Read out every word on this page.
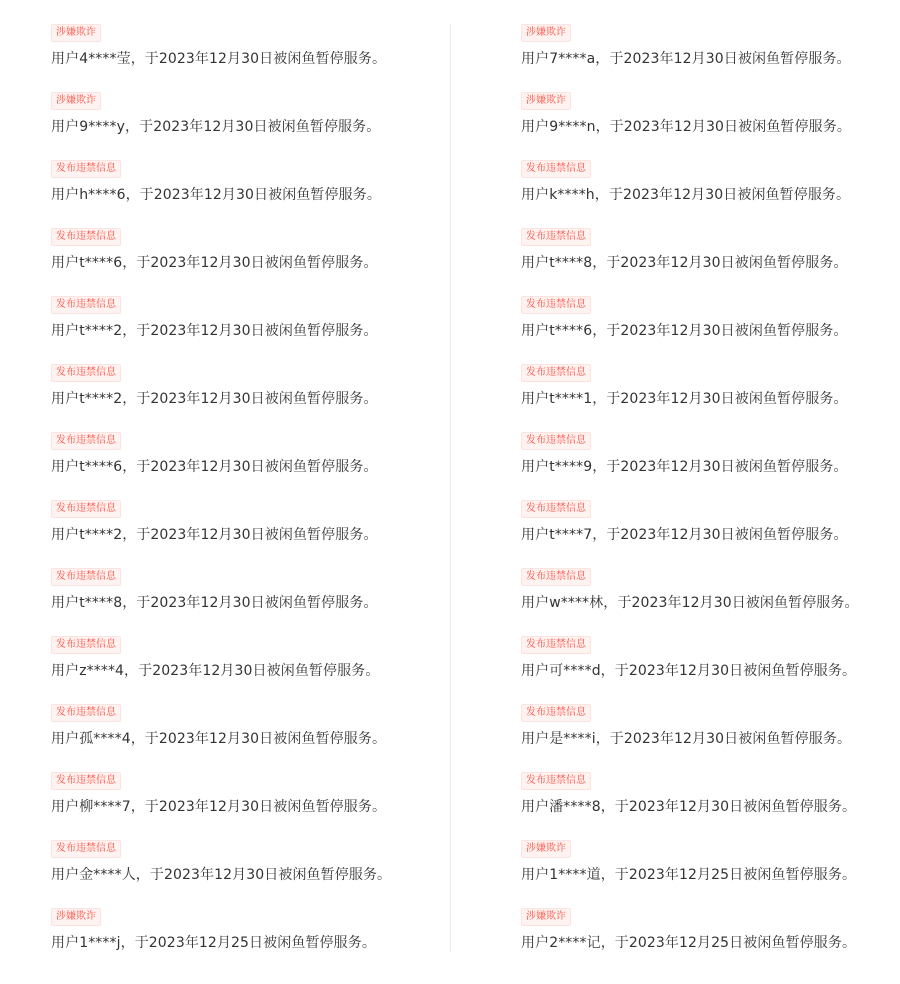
涉嫌欺诈
用户4****莹，于2023年12月30日被闲鱼暂停服务。
涉嫌欺诈
用户9****y，于2023年12月30日被闲鱼暂停服务。
发布违禁信息
用户h****6，于2023年12月30日被闲鱼暂停服务。
发布违禁信息
用户t****6，于2023年12月30日被闲鱼暂停服务。
发布违禁信息
用户t****2，于2023年12月30日被闲鱼暂停服务。
发布违禁信息
用户t****2，于2023年12月30日被闲鱼暂停服务。
发布违禁信息
用户t****6，于2023年12月30日被闲鱼暂停服务。
发布违禁信息
用户t****2，于2023年12月30日被闲鱼暂停服务。
发布违禁信息
用户t****8，于2023年12月30日被闲鱼暂停服务。
发布违禁信息
用户z****4，于2023年12月30日被闲鱼暂停服务。
发布违禁信息
用户孤****4，于2023年12月30日被闲鱼暂停服务。
发布违禁信息
用户柳****7，于2023年12月30日被闲鱼暂停服务。
发布违禁信息
用户金****人，于2023年12月30日被闲鱼暂停服务。
涉嫌欺诈
用户1****j，于2023年12月25日被闲鱼暂停服务。
涉嫌欺诈
用户7****a，于2023年12月30日被闲鱼暂停服务。
涉嫌欺诈
用户9****n，于2023年12月30日被闲鱼暂停服务。
发布违禁信息
用户k****h，于2023年12月30日被闲鱼暂停服务。
发布违禁信息
用户t****8，于2023年12月30日被闲鱼暂停服务。
发布违禁信息
用户t****6，于2023年12月30日被闲鱼暂停服务。
发布违禁信息
用户t****1，于2023年12月30日被闲鱼暂停服务。
发布违禁信息
用户t****9，于2023年12月30日被闲鱼暂停服务。
发布违禁信息
用户t****7，于2023年12月30日被闲鱼暂停服务。
发布违禁信息
用户w****林，于2023年12月30日被闲鱼暂停服务。
发布违禁信息
用户可****d，于2023年12月30日被闲鱼暂停服务。
发布违禁信息
用户是****i，于2023年12月30日被闲鱼暂停服务。
发布违禁信息
用户潘****8，于2023年12月30日被闲鱼暂停服务。
涉嫌欺诈
用户1****道，于2023年12月25日被闲鱼暂停服务。
涉嫌欺诈
用户2****记，于2023年12月25日被闲鱼暂停服务。
